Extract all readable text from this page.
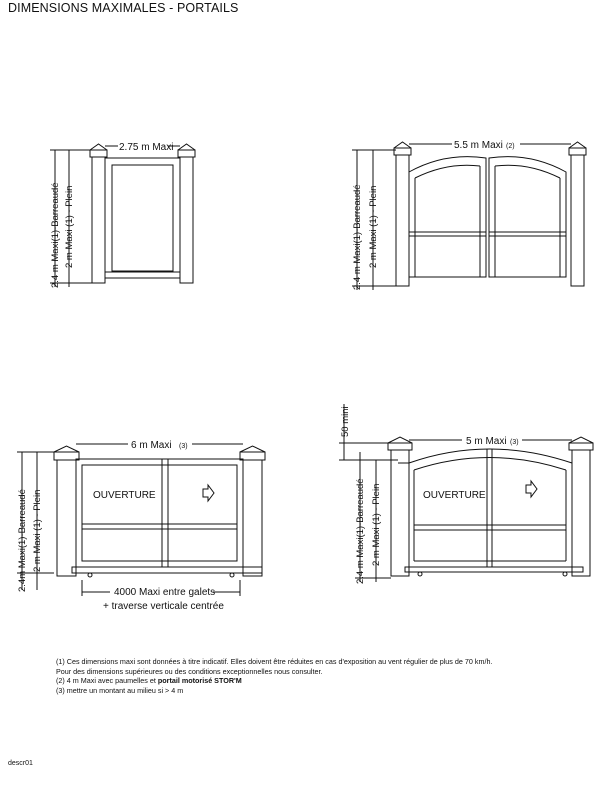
DIMENSIONS MAXIMALES - PORTAILS
2.75 m Maxi
2.4 m Maxi(1)-Barreaudé 2 m Maxi (1) - Plein
5.5 m Maxi (2)
2.4 m Maxi(1)-Barreaudé 2 m Maxi (1) - Plein
OUVERTURE
6 m Maxi (3)
2.4m Maxi(1)-Barreaudé 2 m Maxi (1) - Plein
4000 Maxi entre galets
+ traverse verticale centrée
OUVERTURE
5 m Maxi (3)
50 mini
2.4 m Maxi(1)-Barreaudé 2 m Maxi (1) - Plein
(1) Ces dimensions maxi sont données à titre indicatif. Elles doivent être réduites en cas d'exposition au vent régulier de plus de 70 km/h.
Pour des dimensions supérieures ou des conditions exceptionnelles nous consulter.
(2) 4 m Maxi avec paumelles et portail motorisé STOR'M
(3) mettre un montant au milieu si > 4 m
descr01
